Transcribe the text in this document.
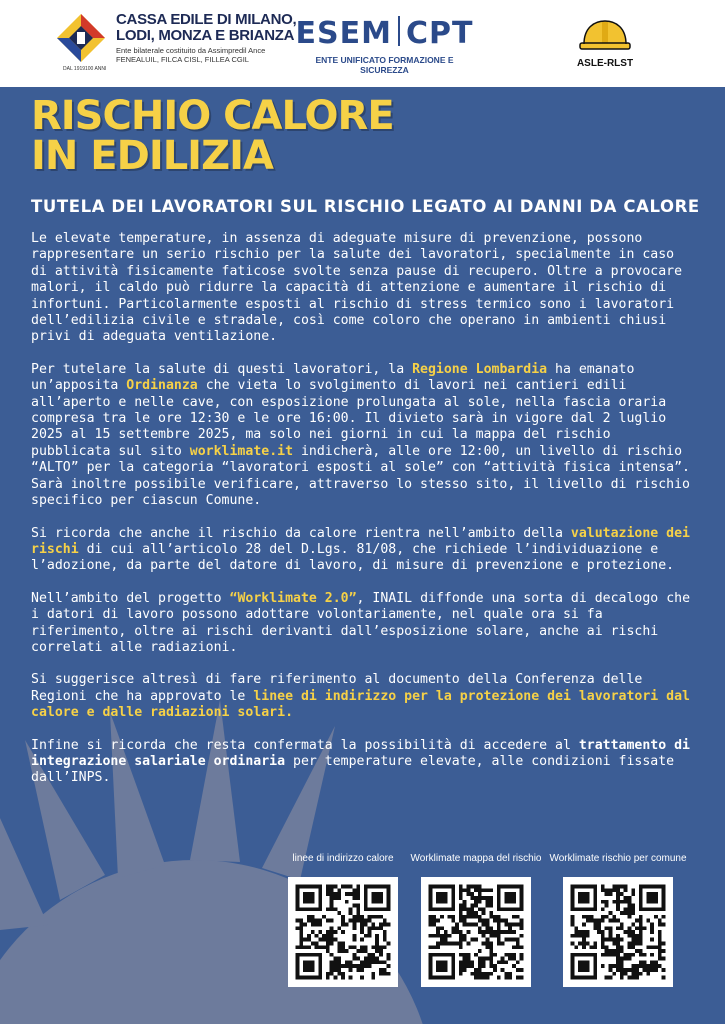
DAL 1919 100 ANNI
CASSA EDILE DI MILANO,
LODI, MONZA E BRIANZA
Ente bilaterale costituito da Assimpredil Ance
FENEALUIL, FILCA CISL, FILLEA CGIL
ESEM CPT
ENTE UNIFICATO FORMAZIONE E SICUREZZA
ASLE-RLST
RISCHIO CALORE
IN EDILIZIA
TUTELA DEI LAVORATORI SUL RISCHIO LEGATO AI DANNI DA CALORE

Le elevate temperature, in assenza di adeguate misure di prevenzione, possono rappresentare un serio rischio per la salute dei lavoratori, specialmente in caso di attività fisicamente faticose svolte senza pause di recupero. Oltre a provocare malori, il caldo può ridurre la capacità di attenzione e aumentare il rischio di infortuni. Particolarmente esposti al rischio di stress termico sono i lavoratori dell’edilizia civile e stradale, così come coloro che operano in ambienti chiusi privi di adeguata ventilazione.

Per tutelare la salute di questi lavoratori, la Regione Lombardia ha emanato un’apposita Ordinanza che vieta lo svolgimento di lavori nei cantieri edili all’aperto e nelle cave, con esposizione prolungata al sole, nella fascia oraria compresa tra le ore 12:30 e le ore 16:00. Il divieto sarà in vigore dal 2 luglio 2025 al 15 settembre 2025, ma solo nei giorni in cui la mappa del rischio pubblicata sul sito worklimate.it indicherà, alle ore 12:00, un livello di rischio “ALTO” per la categoria “lavoratori esposti al sole” con “attività fisica intensa”.
Sarà inoltre possibile verificare, attraverso lo stesso sito, il livello di rischio specifico per ciascun Comune.

Si ricorda che anche il rischio da calore rientra nell’ambito della valutazione dei rischi di cui all’articolo 28 del D.Lgs. 81/08, che richiede l’individuazione e l’adozione, da parte del datore di lavoro, di misure di prevenzione e protezione.

Nell’ambito del progetto “Worklimate 2.0”, INAIL diffonde una sorta di decalogo che i datori di lavoro possono adottare volontariamente, nel quale ora si fa riferimento, oltre ai rischi derivanti dall’esposizione solare, anche ai rischi correlati alle radiazioni.

Si suggerisce altresì di fare riferimento al documento della Conferenza delle Regioni che ha approvato le linee di indirizzo per la protezione dei lavoratori dal calore e dalle radiazioni solari.

Infine si ricorda che resta confermata la possibilità di accedere al trattamento di integrazione salariale ordinaria per temperature elevate, alle condizioni fissate dall’INPS.

linee di indirizzo calore	Worklimate mappa del rischio Worklimate rischio per comune
